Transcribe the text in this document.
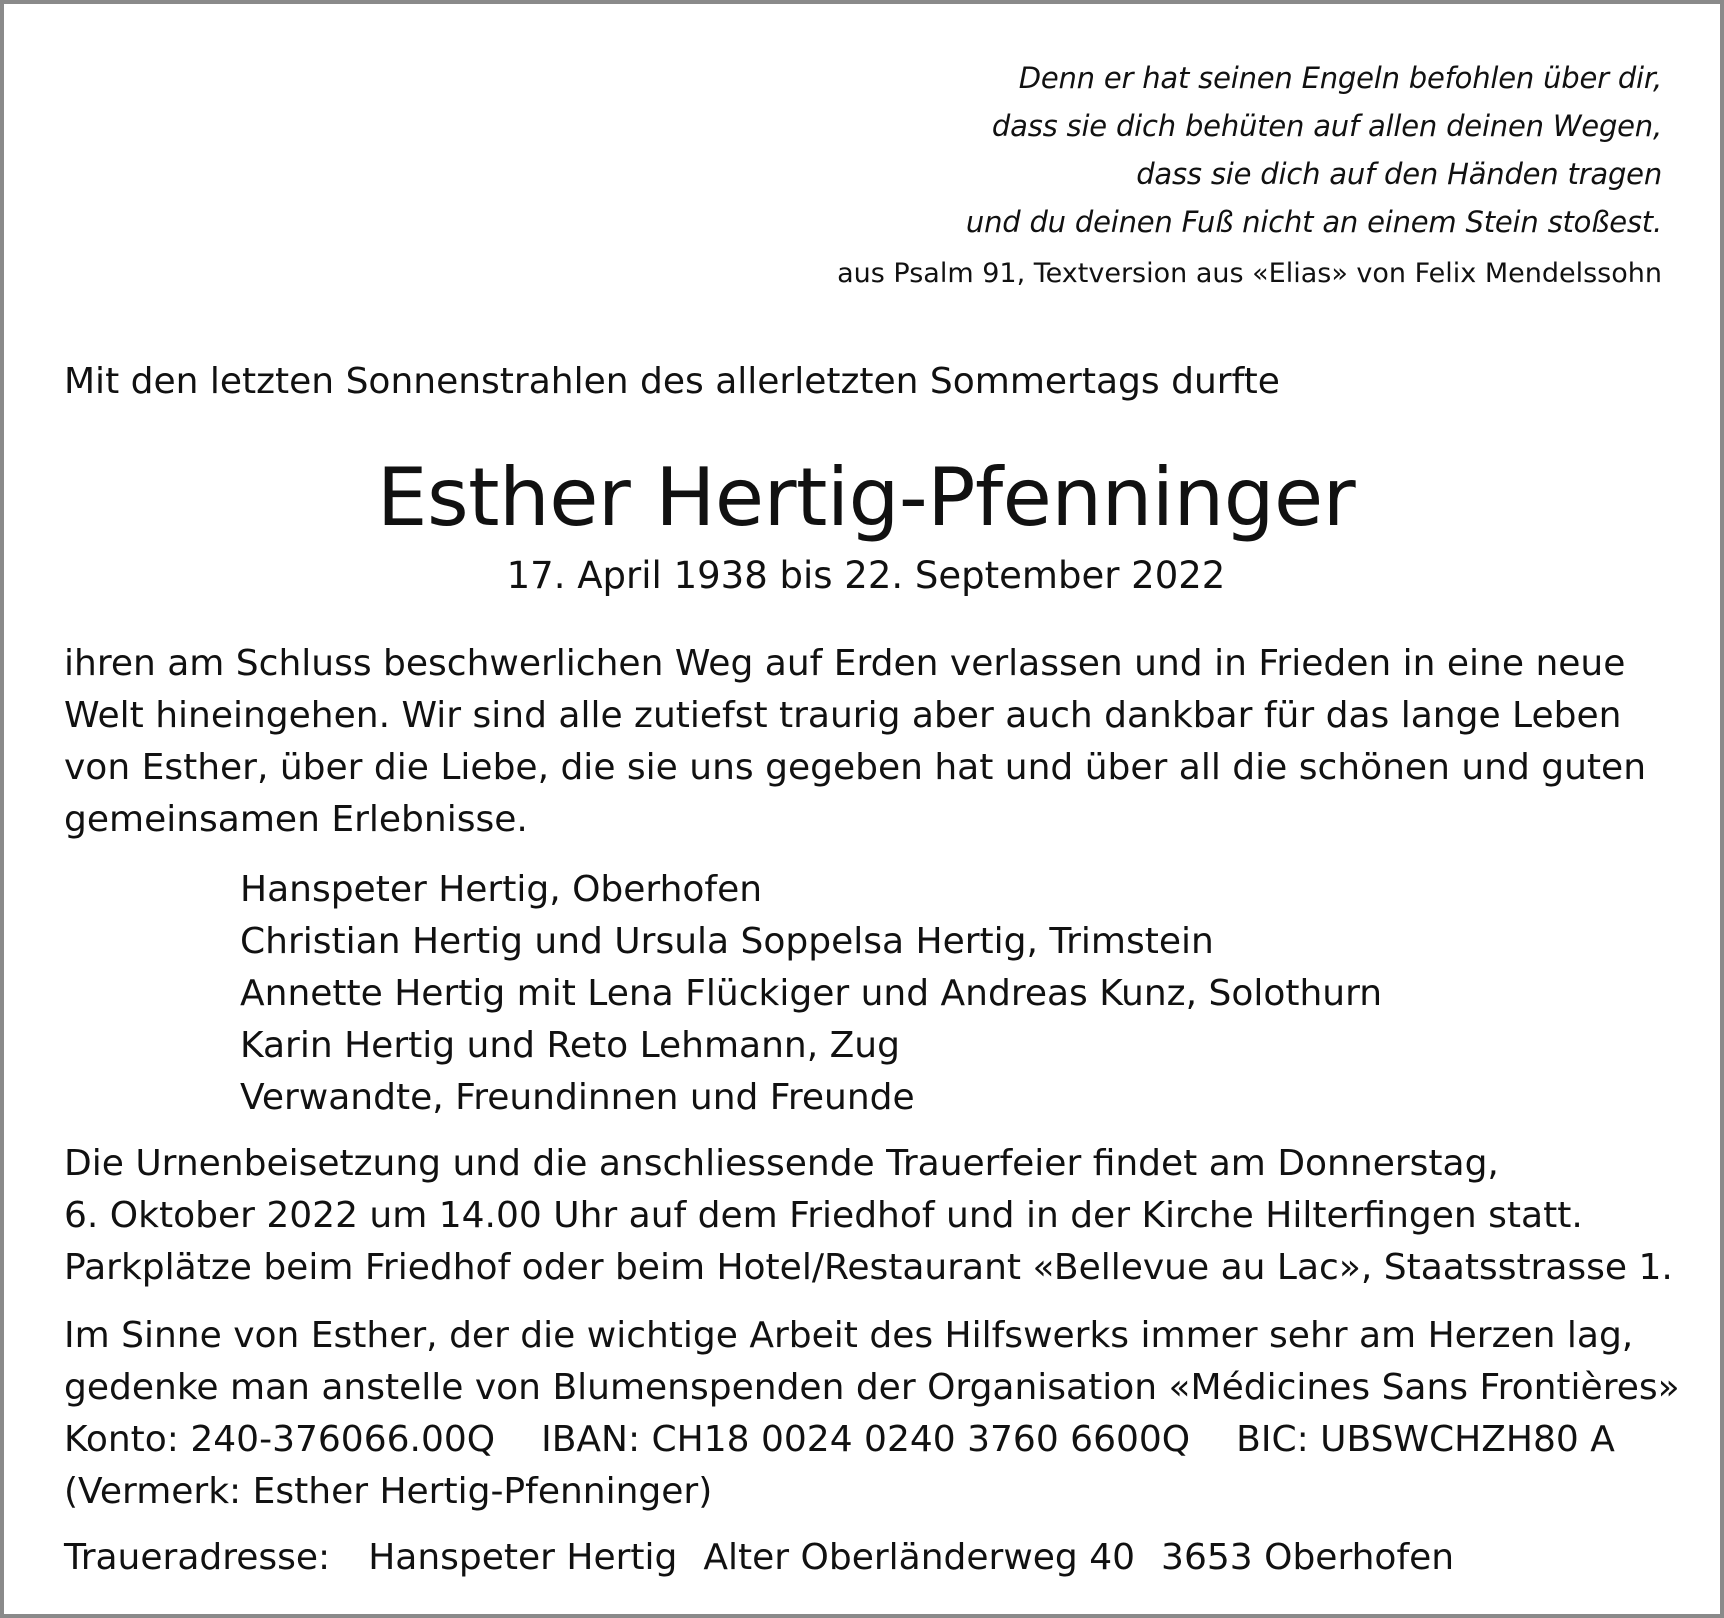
Denn er hat seinen Engeln befohlen über dir,
dass sie dich behüten auf allen deinen Wegen,
dass sie dich auf den Händen tragen
und du deinen Fuß nicht an einem Stein stoßest.
aus Psalm 91, Textversion aus «Elias» von Felix Mendelssohn
Mit den letzten Sonnenstrahlen des allerletzten Sommertags durfte
Esther Hertig-Pfenninger
17. April 1938 bis 22. September 2022
ihren am Schluss beschwerlichen Weg auf Erden verlassen und in Frieden in eine neue
Welt hineingehen. Wir sind alle zutiefst traurig aber auch dankbar für das lange Leben
von Esther, über die Liebe, die sie uns gegeben hat und über all die schönen und guten
gemeinsamen Erlebnisse.
Hanspeter Hertig, Oberhofen
Christian Hertig und Ursula Soppelsa Hertig, Trimstein
Annette Hertig mit Lena Flückiger und Andreas Kunz, Solothurn
Karin Hertig und Reto Lehmann, Zug
Verwandte, Freundinnen und Freunde
Die Urnenbeisetzung und die anschliessende Trauerfeier findet am Donnerstag,
6. Oktober 2022 um 14.00 Uhr auf dem Friedhof und in der Kirche Hilterfingen statt.
Parkplätze beim Friedhof oder beim Hotel/Restaurant «Bellevue au Lac», Staatsstrasse 1.
Im Sinne von Esther, der die wichtige Arbeit des Hilfswerks immer sehr am Herzen lag,
gedenke man anstelle von Blumenspenden der Organisation «Médicines Sans Frontières»
Konto: 240-376066.00Q IBAN: CH18 0024 0240 3760 6600Q BIC: UBSWCHZH80 A
(Vermerk: Esther Hertig-Pfenninger)
Traueradresse: Hanspeter Hertig Alter Oberländerweg 40 3653 Oberhofen
